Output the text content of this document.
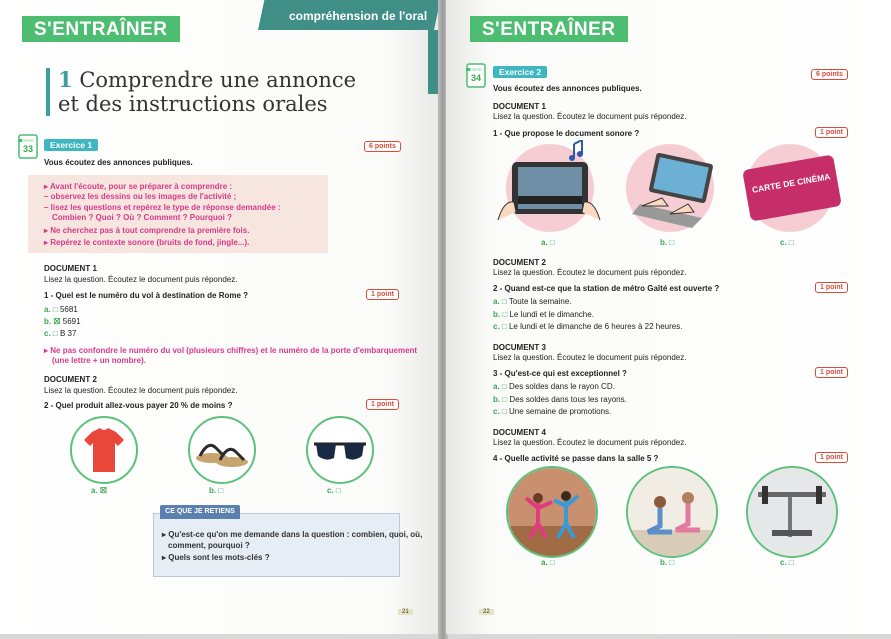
S'ENTRAÎNER
compréhension de l'oral
1 Comprendre une annonce
et des instructions orales
PISTE
33	Exercice 1	6 points
Vous écoutez des annonces publiques.
▸ Avant l'écoute, pour se préparer à comprendre :
– observez les dessins ou les images de l'activité ;
– lisez les questions et repérez le type de réponse demandée :
Combien ? Quoi ? Où ? Comment ? Pourquoi ?
▸ Ne cherchez pas à tout comprendre la première fois.
▸ Repérez le contexte sonore (bruits de fond, jingle...).
DOCUMENT 1
Lisez la question. Écoutez le document puis répondez.
1 - Quel est le numéro du vol à destination de Rome ?	1 point
a. □ 5681
b. ☒ 5691
c. □ B 37
▸ Ne pas confondre le numéro du vol (plusieurs chiffres) et le numéro de la porte d'embarquement
(une lettre + un nombre).
DOCUMENT 2
Lisez la question. Écoutez le document puis répondez.
2 - Quel produit allez-vous payer 20 % de moins ?	1 point
a. ☒	b. □	c. □
CE QUE JE RETIENS
▸ Qu'est-ce qu'on me demande dans la question : combien, quoi, où,
comment, pourquoi ?
▸ Quels sont les mots-clés ?
21
S'ENTRAÎNER
PISTE
34
Exercice 2	6 points
Vous écoutez des annonces publiques.
DOCUMENT 1
Lisez la question. Écoutez le document puis répondez.
1 - Que propose le document sonore ?	1 point
CARTE DE CINÉMA
a. □	b. □	c. □
DOCUMENT 2
Lisez la question. Écoutez le document puis répondez.
2 - Quand est-ce que la station de métro Gaîté est ouverte ?	1 point
a. □ Toute la semaine.
b. □ Le lundi et le dimanche.
c. □ Le lundi et le dimanche de 6 heures à 22 heures.
DOCUMENT 3
Lisez la question. Écoutez le document puis répondez.
3 - Qu'est-ce qui est exceptionnel ?	1 point
a. □ Des soldes dans le rayon CD.
b. □ Des soldes dans tous les rayons.
c. □ Une semaine de promotions.
DOCUMENT 4
Lisez la question. Écoutez le document puis répondez.
4 - Quelle activité se passe dans la salle 5 ?	1 point
a. □	b. □	c. □
22
